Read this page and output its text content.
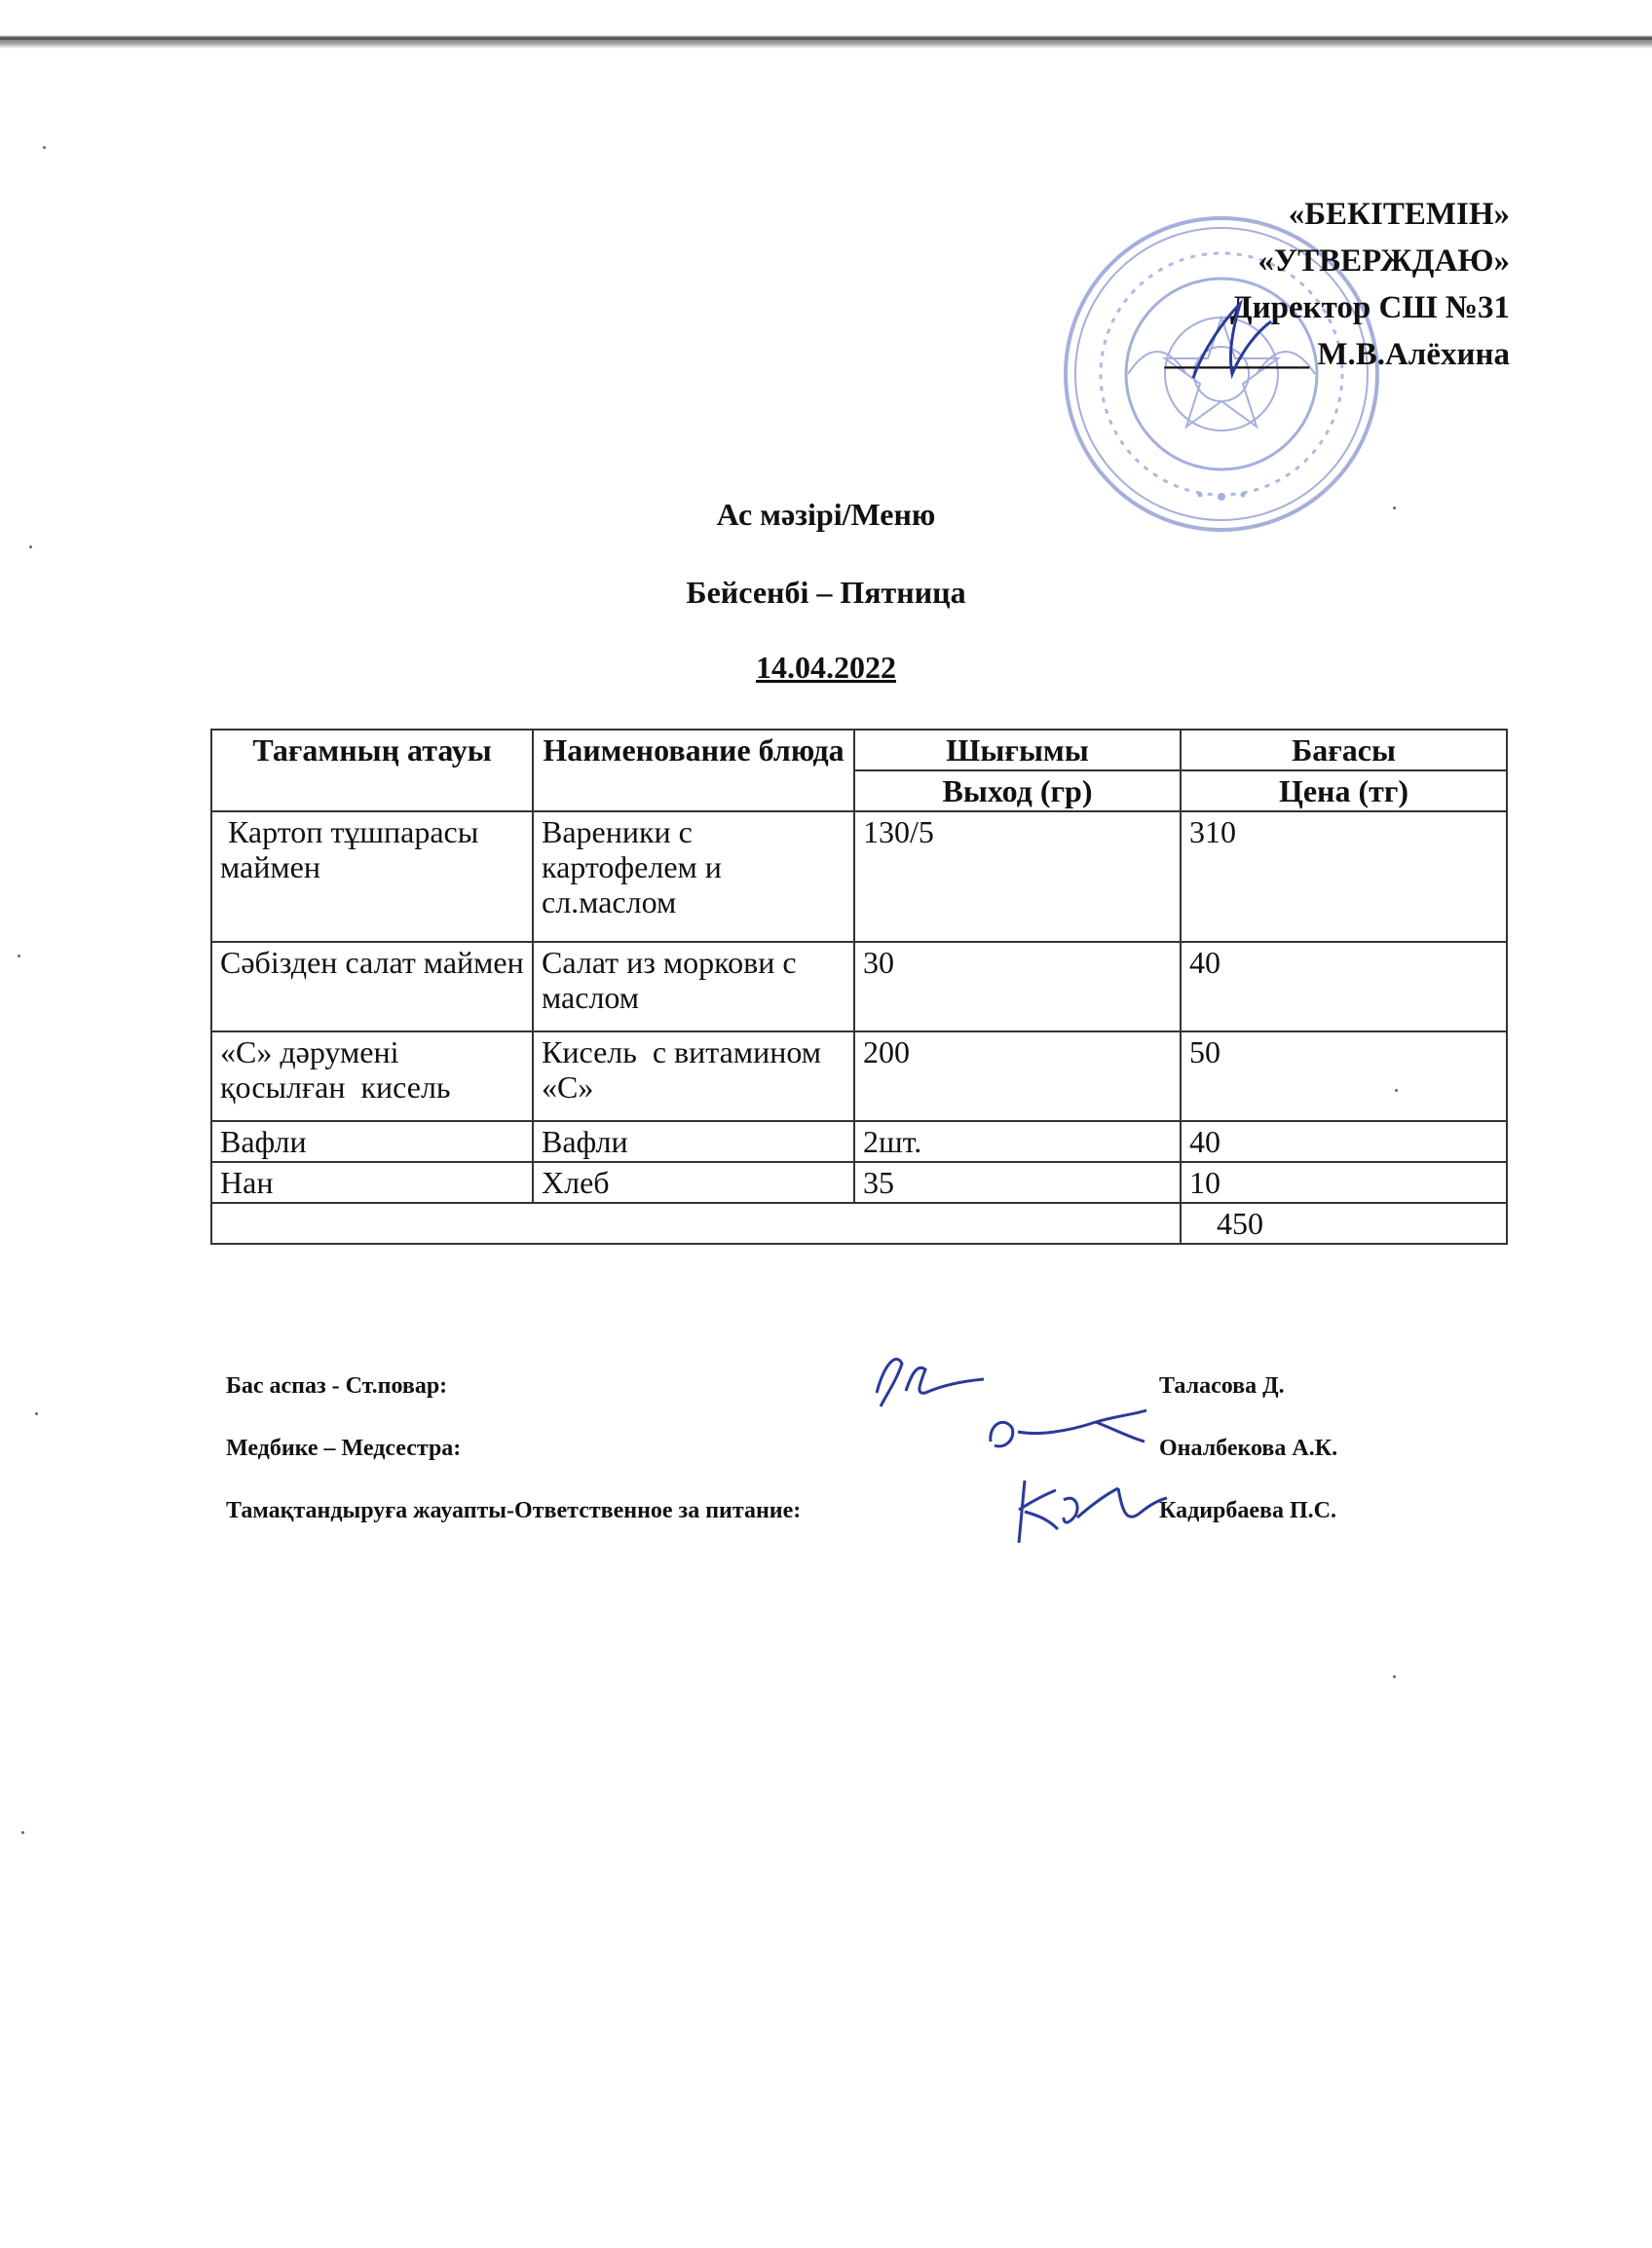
«БЕКІТЕМІН»
«УТВЕРЖДАЮ»
Директор СШ №31
_________ М.В.Алёхина
Ас мәзірі/Меню
Бейсенбі – Пятница
14.04.2022
Тағамның атауы	Наименование блюда	Шығымы	Бағасы
		Выход (гр)	Цена (тг)
Картоп тұшпарасы маймен	Вареники с картофелем и сл.маслом	130/5	310
Сәбізден салат маймен	Салат из моркови с маслом	30	40
«С» дәрумені қосылған  кисель	Кисель  с витамином «С»	200	50
Вафли	Вафли	2шт.	40
Нан	Хлеб	35	10
			450
Бас аспаз - Ст.повар:	Таласова Д.
Медбике – Медсестра:	Оналбекова А.К.
Тамақтандыруға жауапты-Ответственное за питание:	Кадирбаева П.С.
